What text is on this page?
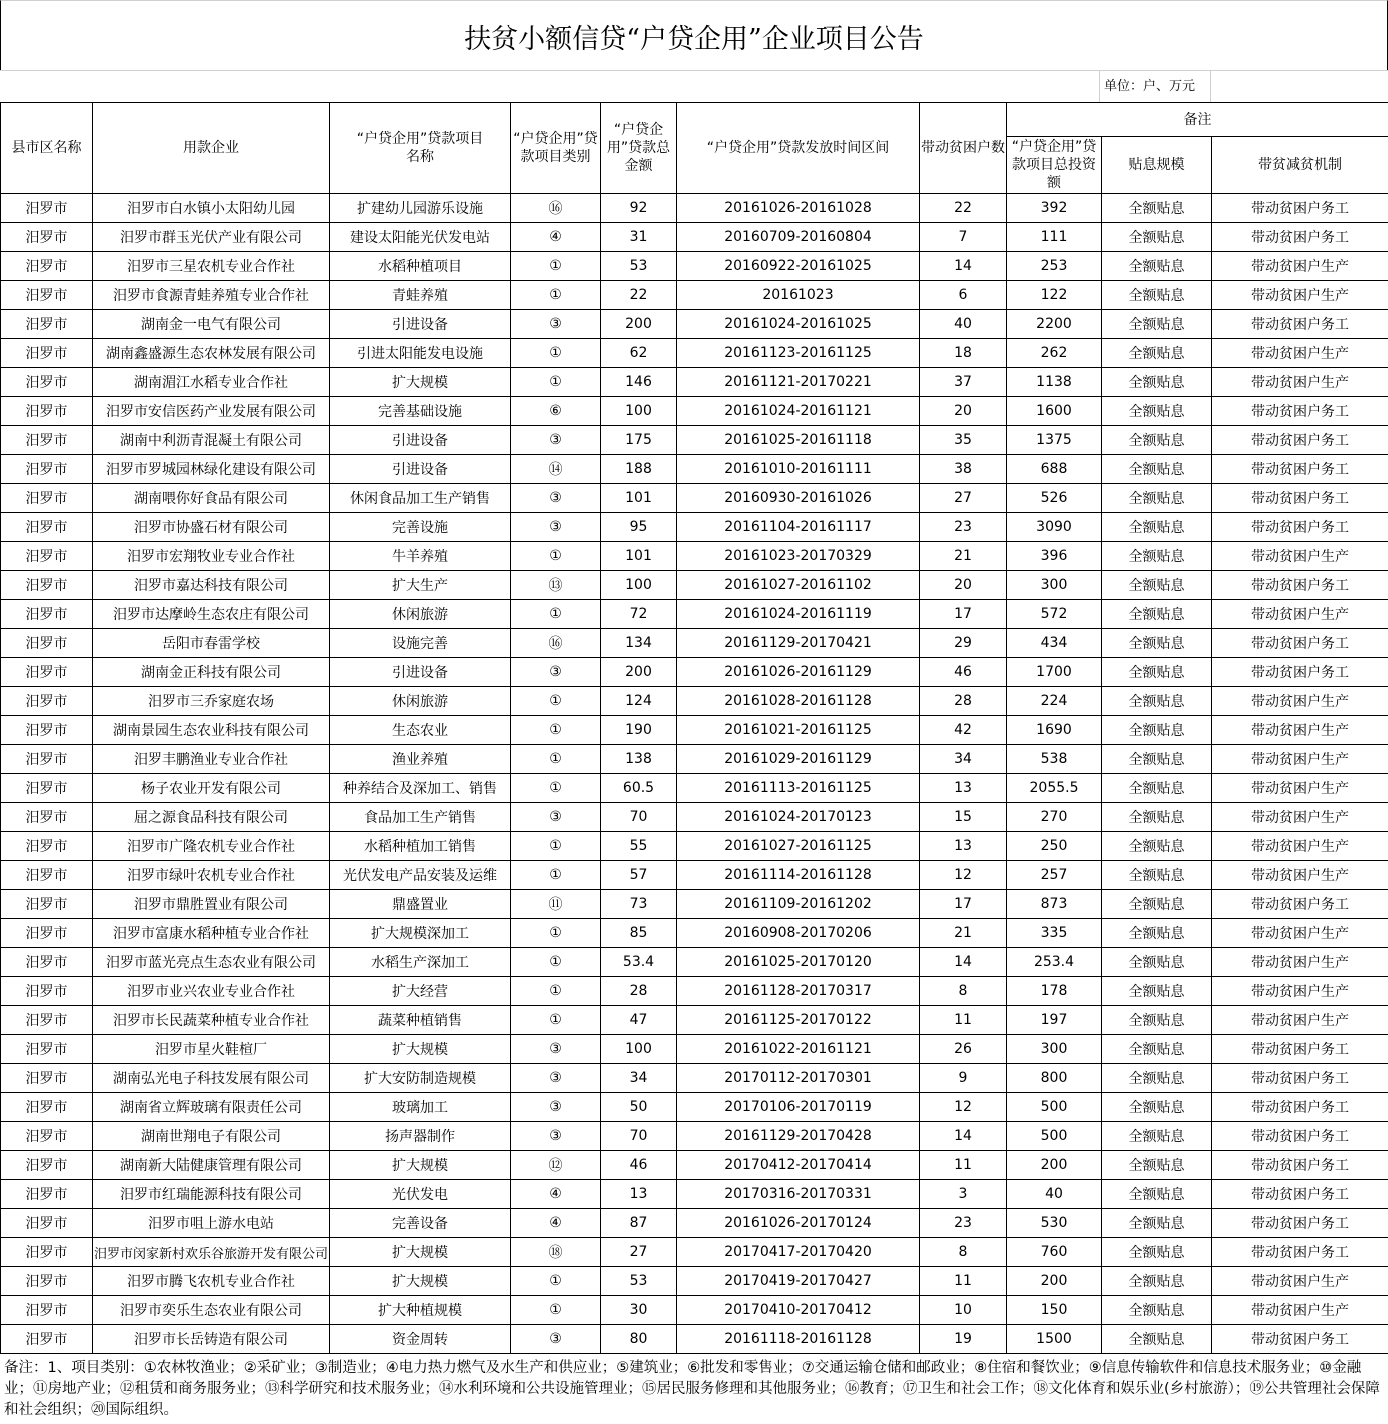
扶贫小额信贷“户贷企用”企业项目公告
单位：户、万元
县市区名称	用款企业	“户贷企用”贷款项目名称	“户贷企用”贷款项目类别	“户贷企用”贷款总金额	“户贷企用”贷款发放时间区间	带动贫困户数	备注		
							“户贷企用”贷款项目总投资额	贴息规模	带贫减贫机制
汨罗市	汨罗市白水镇小太阳幼儿园	扩建幼儿园游乐设施	⑯	92	20161026-20161028	22	392	全额贴息	带动贫困户务工
汨罗市	汨罗市群玉光伏产业有限公司	建设太阳能光伏发电站	④	31	20160709-20160804	7	111	全额贴息	带动贫困户务工
汨罗市	汨罗市三星农机专业合作社	水稻种植项目	①	53	20160922-20161025	14	253	全额贴息	带动贫困户生产
汨罗市	汨罗市食源青蛙养殖专业合作社	青蛙养殖	①	22	20161023	6	122	全额贴息	带动贫困户生产
汨罗市	湖南金一电气有限公司	引进设备	③	200	20161024-20161025	40	2200	全额贴息	带动贫困户务工
汨罗市	湖南鑫盛源生态农林发展有限公司	引进太阳能发电设施	①	62	20161123-20161125	18	262	全额贴息	带动贫困户生产
汨罗市	湖南湄江水稻专业合作社	扩大规模	①	146	20161121-20170221	37	1138	全额贴息	带动贫困户生产
汨罗市	汨罗市安信医药产业发展有限公司	完善基础设施	⑥	100	20161024-20161121	20	1600	全额贴息	带动贫困户务工
汨罗市	湖南中利沥青混凝土有限公司	引进设备	③	175	20161025-20161118	35	1375	全额贴息	带动贫困户务工
汨罗市	汨罗市罗城园林绿化建设有限公司	引进设备	⑭	188	20161010-20161111	38	688	全额贴息	带动贫困户务工
汨罗市	湖南喂你好食品有限公司	休闲食品加工生产销售	③	101	20160930-20161026	27	526	全额贴息	带动贫困户务工
汨罗市	汨罗市协盛石材有限公司	完善设施	③	95	20161104-20161117	23	3090	全额贴息	带动贫困户务工
汨罗市	汨罗市宏翔牧业专业合作社	牛羊养殖	①	101	20161023-20170329	21	396	全额贴息	带动贫困户生产
汨罗市	汨罗市嘉达科技有限公司	扩大生产	⑬	100	20161027-20161102	20	300	全额贴息	带动贫困户务工
汨罗市	汨罗市达摩岭生态农庄有限公司	休闲旅游	①	72	20161024-20161119	17	572	全额贴息	带动贫困户生产
汨罗市	岳阳市春雷学校	设施完善	⑯	134	20161129-20170421	29	434	全额贴息	带动贫困户务工
汨罗市	湖南金正科技有限公司	引进设备	③	200	20161026-20161129	46	1700	全额贴息	带动贫困户务工
汨罗市	汨罗市三乔家庭农场	休闲旅游	①	124	20161028-20161128	28	224	全额贴息	带动贫困户生产
汨罗市	湖南景园生态农业科技有限公司	生态农业	①	190	20161021-20161125	42	1690	全额贴息	带动贫困户生产
汨罗市	汨罗丰鹏渔业专业合作社	渔业养殖	①	138	20161029-20161129	34	538	全额贴息	带动贫困户生产
汨罗市	杨子农业开发有限公司	种养结合及深加工、销售	①	60.5	20161113-20161125	13	2055.5	全额贴息	带动贫困户生产
汨罗市	屈之源食品科技有限公司	食品加工生产销售	③	70	20161024-20170123	15	270	全额贴息	带动贫困户生产
汨罗市	汨罗市广隆农机专业合作社	水稻种植加工销售	①	55	20161027-20161125	13	250	全额贴息	带动贫困户生产
汨罗市	汨罗市绿叶农机专业合作社	光伏发电产品安装及运维	①	57	20161114-20161128	12	257	全额贴息	带动贫困户生产
汨罗市	汨罗市鼎胜置业有限公司	鼎盛置业	⑪	73	20161109-20161202	17	873	全额贴息	带动贫困户务工
汨罗市	汨罗市富康水稻种植专业合作社	扩大规模深加工	①	85	20160908-20170206	21	335	全额贴息	带动贫困户生产
汨罗市	汨罗市蓝光亮点生态农业有限公司	水稻生产深加工	①	53.4	20161025-20170120	14	253.4	全额贴息	带动贫困户生产
汨罗市	汨罗市业兴农业专业合作社	扩大经营	①	28	20161128-20170317	8	178	全额贴息	带动贫困户生产
汨罗市	汨罗市长民蔬菜种植专业合作社	蔬菜种植销售	①	47	20161125-20170122	11	197	全额贴息	带动贫困户生产
汨罗市	汨罗市星火鞋楦厂	扩大规模	③	100	20161022-20161121	26	300	全额贴息	带动贫困户务工
汨罗市	湖南弘光电子科技发展有限公司	扩大安防制造规模	③	34	20170112-20170301	9	800	全额贴息	带动贫困户务工
汨罗市	湖南省立辉玻璃有限责任公司	玻璃加工	③	50	20170106-20170119	12	500	全额贴息	带动贫困户务工
汨罗市	湖南世翔电子有限公司	扬声器制作	③	70	20161129-20170428	14	500	全额贴息	带动贫困户务工
汨罗市	湖南新大陆健康管理有限公司	扩大规模	⑫	46	20170412-20170414	11	200	全额贴息	带动贫困户务工
汨罗市	汨罗市红瑞能源科技有限公司	光伏发电	④	13	20170316-20170331	3	40	全额贴息	带动贫困户务工
汨罗市	汨罗市咀上游水电站	完善设备	④	87	20161026-20170124	23	530	全额贴息	带动贫困户务工
汨罗市	汨罗市闵家新村欢乐谷旅游开发有限公司	扩大规模	⑱	27	20170417-20170420	8	760	全额贴息	带动贫困户务工
汨罗市	汨罗市腾飞农机专业合作社	扩大规模	①	53	20170419-20170427	11	200	全额贴息	带动贫困户生产
汨罗市	汨罗市奕乐生态农业有限公司	扩大种植规模	①	30	20170410-20170412	10	150	全额贴息	带动贫困户生产
汨罗市	汨罗市长岳铸造有限公司	资金周转	③	80	20161118-20161128	19	1500	全额贴息	带动贫困户务工
备注：1、项目类别：①农林牧渔业；②采矿业；③制造业；④电力热力燃气及水生产和供应业；⑤建筑业；⑥批发和零售业；⑦交通运输仓储和邮政业；⑧住宿和餐饮业；⑨信息传输软件和信息技术服务业；⑩金融业；⑪房地产业；⑫租赁和商务服务业；⑬科学研究和技术服务业；⑭水利环境和公共设施管理业；⑮居民服务修理和其他服务业；⑯教育；⑰卫生和社会工作；⑱文化体育和娱乐业(乡村旅游）；⑲公共管理社会保障和社会组织；⑳国际组织。
